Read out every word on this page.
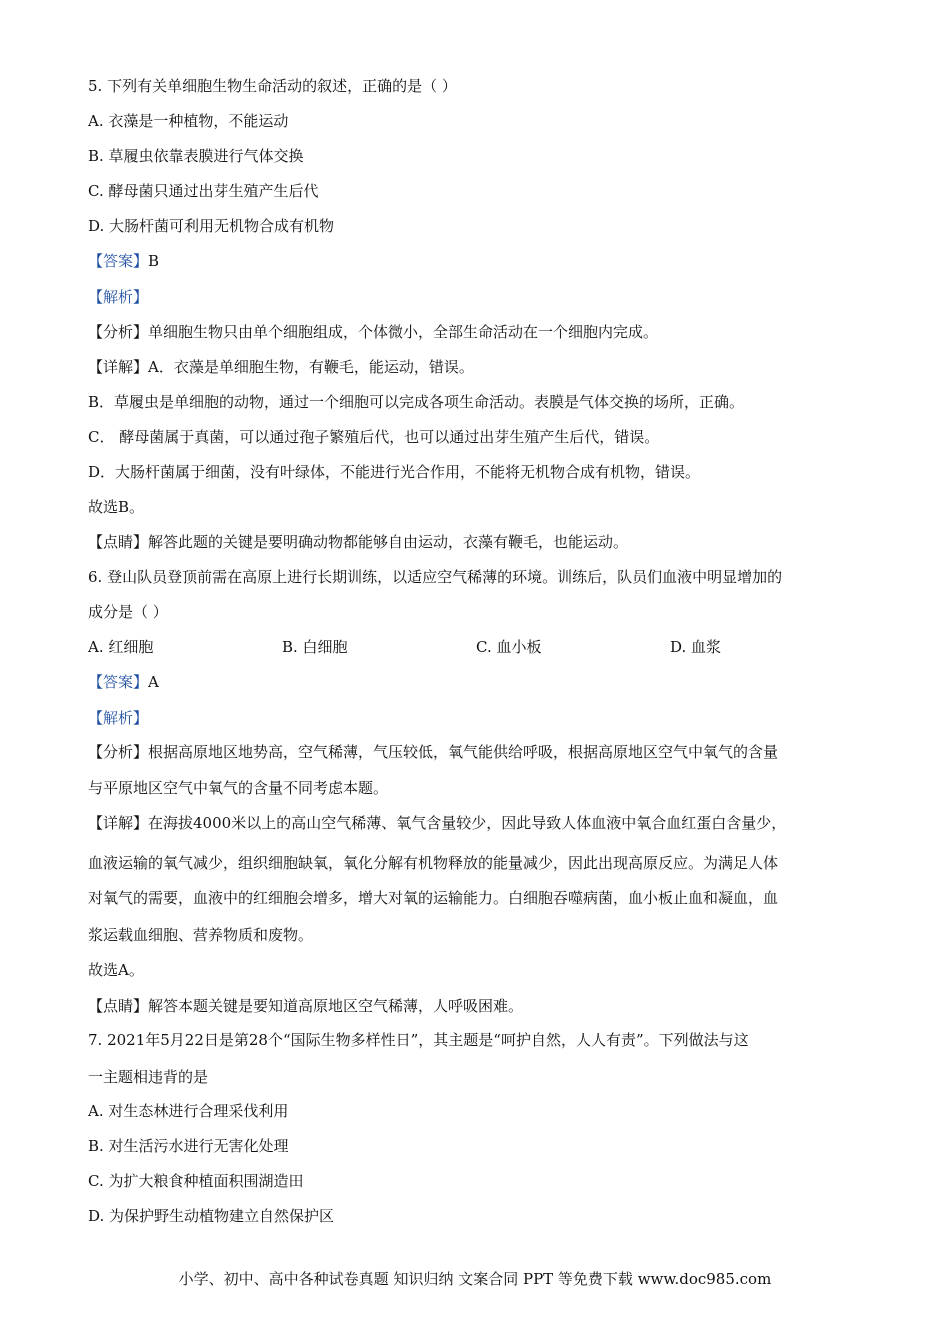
5. 下列有关单细胞生物生命活动的叙述，正确的是（ ）
A. 衣藻是一种植物，不能运动
B. 草履虫依靠表膜进行气体交换
C. 酵母菌只通过出芽生殖产生后代
D. 大肠杆菌可利用无机物合成有机物
【答案】B
【解析】
【分析】单细胞生物只由单个细胞组成，个体微小，全部生命活动在一个细胞内完成。
【详解】A．衣藻是单细胞生物，有鞭毛，能运动，错误。
B．草履虫是单细胞的动物，通过一个细胞可以完成各项生命活动。表膜是气体交换的场所，正确。
C． 酵母菌属于真菌，可以通过孢子繁殖后代，也可以通过出芽生殖产生后代，错误。
D．大肠杆菌属于细菌，没有叶绿体，不能进行光合作用，不能将无机物合成有机物，错误。
故选B。
【点睛】解答此题的关键是要明确动物都能够自由运动，衣藻有鞭毛，也能运动。
6. 登山队员登顶前需在高原上进行长期训练，以适应空气稀薄的环境。训练后，队员们血液中明显增加的
成分是（ ）
A. 红细胞	B. 白细胞	C. 血小板	D. 血浆
【答案】A
【解析】
【分析】根据高原地区地势高，空气稀薄，气压较低，氧气能供给呼吸，根据高原地区空气中氧气的含量
与平原地区空气中氧气的含量不同考虑本题。
【详解】在海拔4000米以上的高山空气稀薄、氧气含量较少，因此导致人体血液中氧合血红蛋白含量少，
血液运输的氧气减少，组织细胞缺氧，氧化分解有机物释放的能量减少，因此出现高原反应。为满足人体
对氧气的需要，血液中的红细胞会增多，增大对氧的运输能力。白细胞吞噬病菌，血小板止血和凝血，血
浆运载血细胞、营养物质和废物。
故选A。
【点睛】解答本题关键是要知道高原地区空气稀薄，人呼吸困难。
7. 2021年5月22日是第28个“国际生物多样性日”，其主题是“呵护自然，人人有责”。下列做法与这
一主题相违背的是
A. 对生态林进行合理采伐利用
B. 对生活污水进行无害化处理
C. 为扩大粮食种植面积围湖造田
D. 为保护野生动植物建立自然保护区
小学、初中、高中各种试卷真题 知识归纳 文案合同 PPT 等免费下载 www.doc985.com
